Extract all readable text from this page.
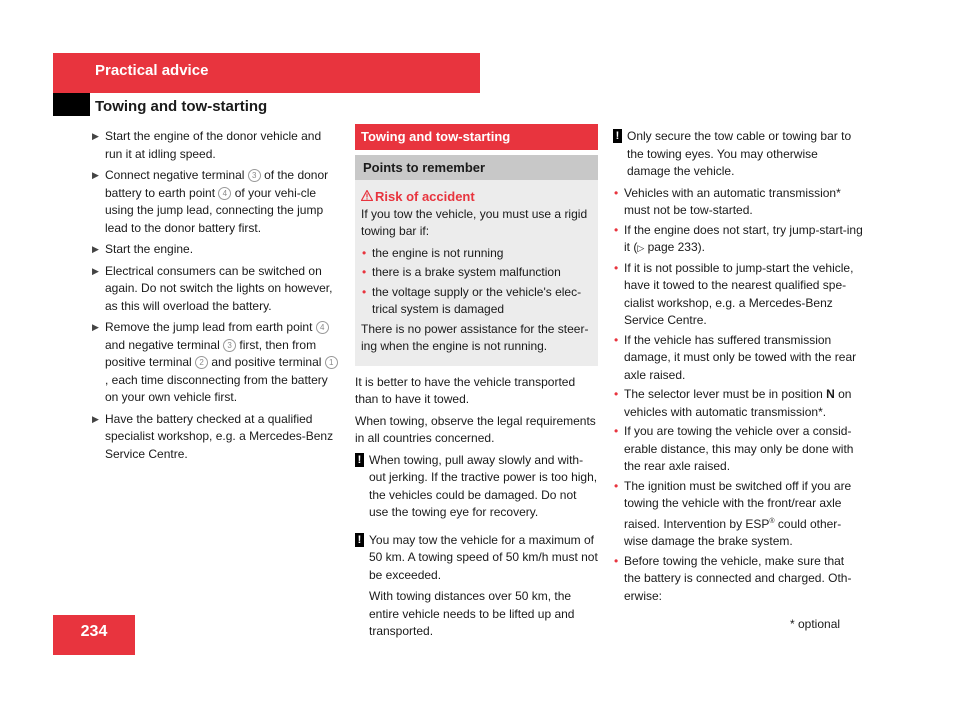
Practical advice
Towing and tow-starting
▶ Start the engine of the donor vehicle and run it at idling speed.
▶ Connect negative terminal 3 of the donor battery to earth point 4 of your vehi-cle using the jump lead, connecting the jump lead to the donor battery first.
▶ Start the engine.
▶ Electrical consumers can be switched on again. Do not switch the lights on however, as this will overload the battery.
▶ Remove the jump lead from earth point 4 and negative terminal 3 first, then from positive terminal 2 and positive terminal 1, each time disconnecting from the battery on your own vehicle first.
▶ Have the battery checked at a qualified specialist workshop, e.g. a Mercedes-Benz Service Centre.
Towing and tow-starting
Points to remember
Risk of accident

If you tow the vehicle, you must use a rigid towing bar if:

• the engine is not running
• there is a brake system malfunction
• the voltage supply or the vehicle's elec-trical system is damaged

There is no power assistance for the steer-ing when the engine is not running.

It is better to have the vehicle transported than to have it towed.

When towing, observe the legal requirements in all countries concerned.

! When towing, pull away slowly and with-out jerking. If the tractive power is too high, the vehicles could be damaged. Do not use the towing eye for recovery.
! You may tow the vehicle for a maximum of 50 km. A towing speed of 50 km/h must not be exceeded.

With towing distances over 50 km, the entire vehicle needs to be lifted up and transported.

! Only secure the tow cable or towing bar to the towing eyes. You may otherwise damage the vehicle.
• Vehicles with an automatic transmission* must not be tow-started.
• If the engine does not start, try jump-start-ing it (▷ page 233).
• If it is not possible to jump-start the vehicle, have it towed to the nearest qualified spe-cialist workshop, e.g. a Mercedes-Benz Service Centre.
• If the vehicle has suffered transmission damage, it must only be towed with the rear axle raised.
• The selector lever must be in position N on vehicles with automatic transmission*.
• If you are towing the vehicle over a consid-erable distance, this may only be done with the rear axle raised.
• The ignition must be switched off if you are towing the vehicle with the front/rear axle raised. Intervention by ESP® could other-wise damage the brake system.
• Before towing the vehicle, make sure that the battery is connected and charged. Oth-erwise:
234	* optional
